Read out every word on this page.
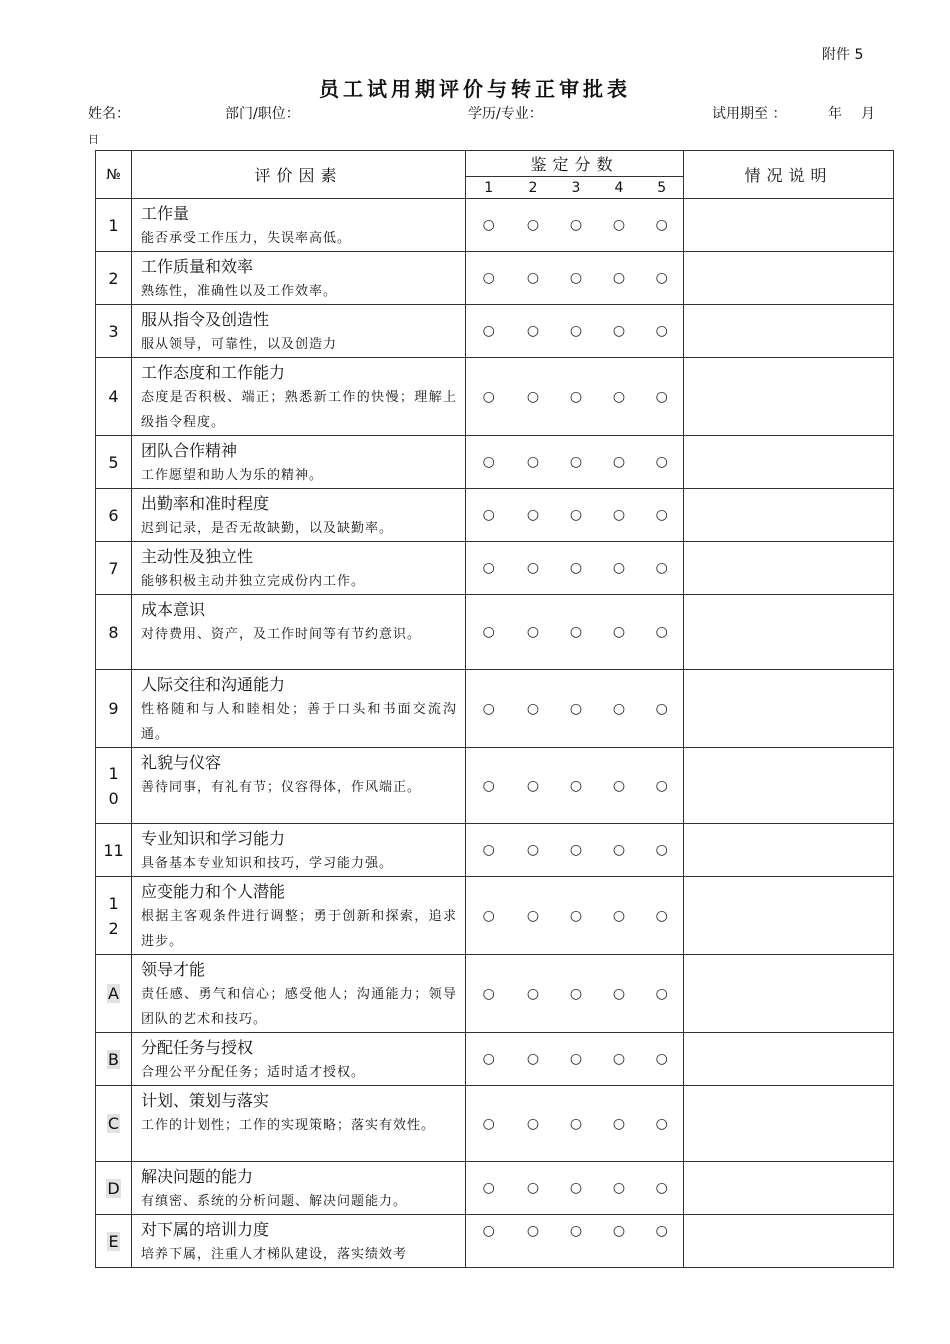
附件 5
员工试用期评价与转正审批表
姓名：	部门/职位：	学历/专业：	试用期至 ：	年 月
日
№	评价因素	鉴定分数					情况说明
		1	2	3	4	5	
1	工作量
能否承受工作压力，失误率高低。	○	○	○	○	○	
2	工作质量和效率
熟练性，准确性以及工作效率。	○	○	○	○	○	
3	服从指令及创造性
服从领导，可靠性，以及创造力	○	○	○	○	○	
4	工作态度和工作能力
态度是否积极、端正；熟悉新工作的快慢；理解上级指令程度。	○	○	○	○	○	
5	团队合作精神
工作愿望和助人为乐的精神。	○	○	○	○	○	
6	出勤率和准时程度
迟到记录，是否无故缺勤，以及缺勤率。	○	○	○	○	○	
7	主动性及独立性
能够积极主动并独立完成份内工作。	○	○	○	○	○	
8	成本意识
对待费用、资产，及工作时间等有节约意识。	○	○	○	○	○	
9	人际交往和沟通能力
性格随和与人和睦相处；善于口头和书面交流沟通。	○	○	○	○	○	
10	礼貌与仪容
善待同事，有礼有节；仪容得体，作风端正。	○	○	○	○	○	
11	专业知识和学习能力
具备基本专业知识和技巧，学习能力强。	○	○	○	○	○	
12	应变能力和个人潜能
根据主客观条件进行调整；勇于创新和探索，追求进步。	○	○	○	○	○	
A	领导才能
责任感、勇气和信心；感受他人；沟通能力；领导团队的艺术和技巧。	○	○	○	○	○	
B	分配任务与授权
合理公平分配任务；适时适才授权。	○	○	○	○	○	
C	计划、策划与落实
工作的计划性；工作的实现策略；落实有效性。	○	○	○	○	○	
D	解决问题的能力
有缜密、系统的分析问题、解决问题能力。	○	○	○	○	○	
E	对下属的培训力度
培养下属，注重人才梯队建设，落实绩效考	○	○	○	○	○	
